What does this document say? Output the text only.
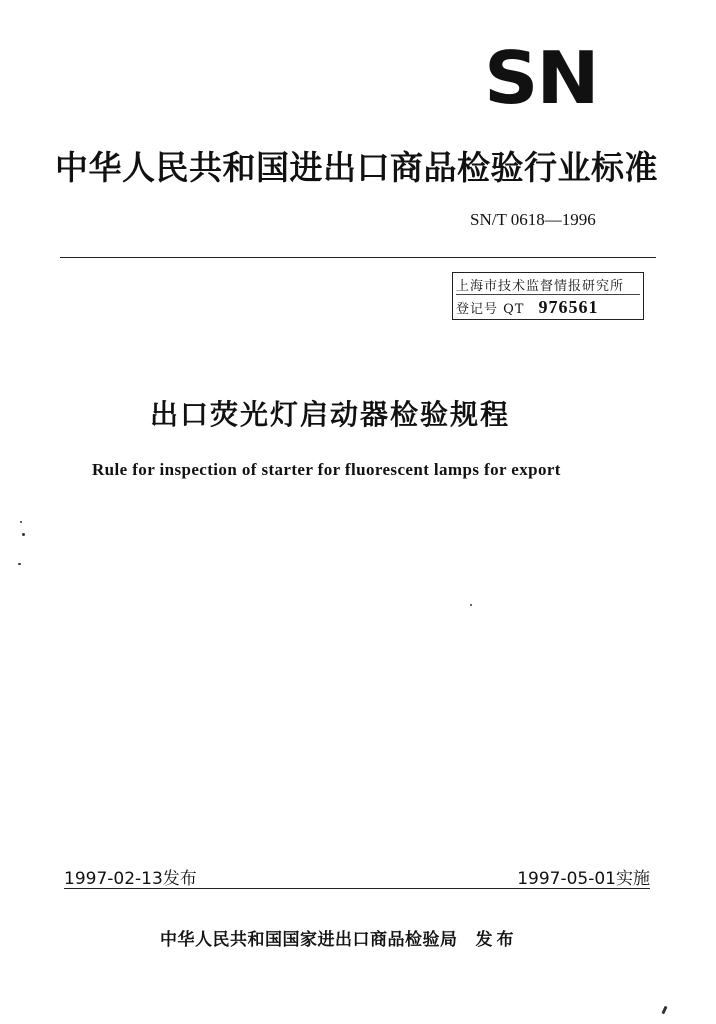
SN
中华人民共和国进出口商品检验行业标准
SN/T 0618—1996
上海市技术监督情报研究所
登记号 QT 976561
出口荧光灯启动器检验规程
Rule for inspection of starter for fluorescent lamps for export
1997-02-13发布	1997-05-01实施
中华人民共和国国家进出口商品检验局 发布
